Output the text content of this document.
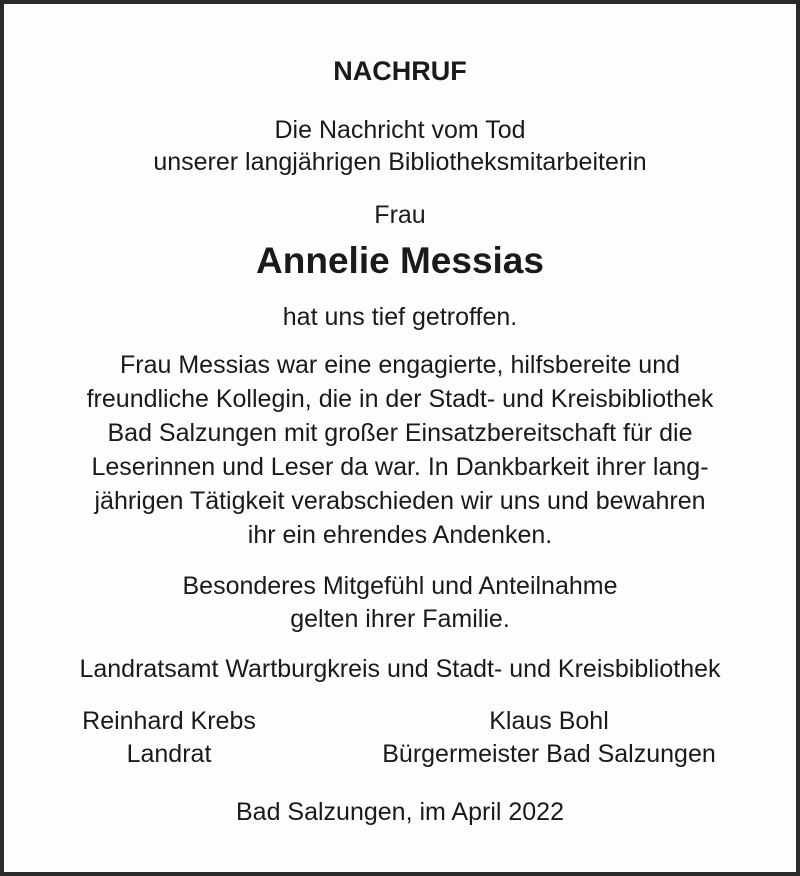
NACHRUF
Die Nachricht vom Tod
unserer langjährigen Bibliotheksmitarbeiterin
Frau
Annelie Messias
hat uns tief getroffen.
Frau Messias war eine engagierte, hilfsbereite und
freundliche Kollegin, die in der Stadt- und Kreisbibliothek
Bad Salzungen mit großer Einsatzbereitschaft für die
Leserinnen und Leser da war. In Dankbarkeit ihrer lang-
jährigen Tätigkeit verabschieden wir uns und bewahren
ihr ein ehrendes Andenken.
Besonderes Mitgefühl und Anteilnahme
gelten ihrer Familie.
Landratsamt Wartburgkreis und Stadt- und Kreisbibliothek
Reinhard Krebs
Landrat
Klaus Bohl
Bürgermeister Bad Salzungen
Bad Salzungen, im April 2022
